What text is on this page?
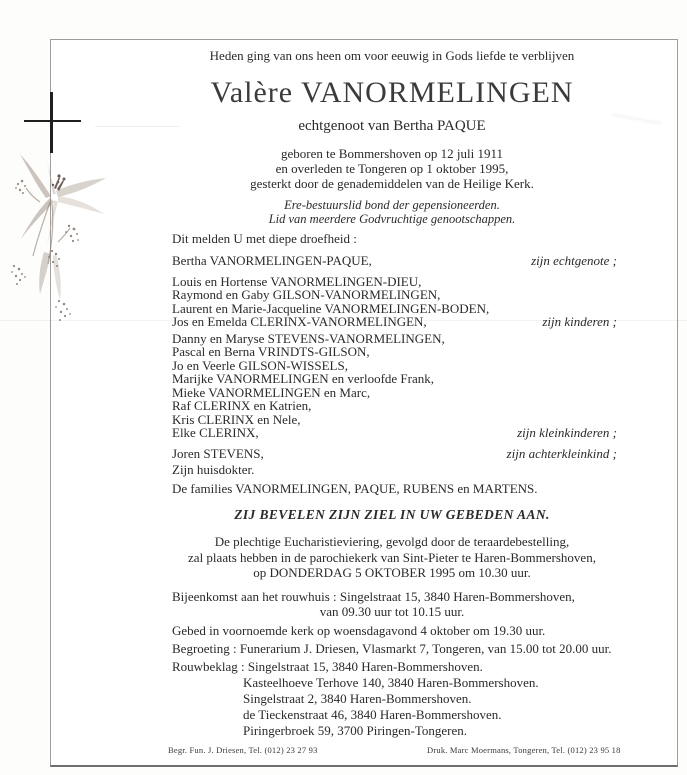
Heden ging van ons heen om voor eeuwig in Gods liefde te verblijven
Valère VANORMELINGEN
echtgenoot van Bertha PAQUE
geboren te Bommershoven op 12 juli 1911
en overleden te Tongeren op 1 oktober 1995,
gesterkt door de genademiddelen van de Heilige Kerk.
Ere-bestuurslid bond der gepensioneerden.
Lid van meerdere Godvruchtige genootschappen.
Dit melden U met diepe droefheid :
Bertha VANORMELINGEN-PAQUE,	zijn echtgenote ;
Louis en Hortense VANORMELINGEN-DIEU,
Raymond en Gaby GILSON-VANORMELINGEN,
Laurent en Marie-Jacqueline VANORMELINGEN-BODEN,
Jos en Emelda CLERINX-VANORMELINGEN,	zijn kinderen ;
Danny en Maryse STEVENS-VANORMELINGEN,
Pascal en Berna VRINDTS-GILSON,
Jo en Veerle GILSON-WISSELS,
Marijke VANORMELINGEN en verloofde Frank,
Mieke VANORMELINGEN en Marc,
Raf CLERINX en Katrien,
Kris CLERINX en Nele,
Elke CLERINX,	zijn kleinkinderen ;
Joren STEVENS,	zijn achterkleinkind ;
Zijn huisdokter.
De families VANORMELINGEN, PAQUE, RUBENS en MARTENS.
ZIJ BEVELEN ZIJN ZIEL IN UW GEBEDEN AAN.
De plechtige Eucharistieviering, gevolgd door de teraardebestelling,
zal plaats hebben in de parochiekerk van Sint-Pieter te Haren-Bommershoven,
op DONDERDAG 5 OKTOBER 1995 om 10.30 uur.
Bijeenkomst aan het rouwhuis : Singelstraat 15, 3840 Haren-Bommershoven,
van 09.30 uur tot 10.15 uur.
Gebed in voornoemde kerk op woensdagavond 4 oktober om 19.30 uur.
Begroeting : Funerarium J. Driesen, Vlasmarkt 7, Tongeren, van 15.00 tot 20.00 uur.
Rouwbeklag : Singelstraat 15, 3840 Haren-Bommershoven.
Kasteelhoeve Terhove 140, 3840 Haren-Bommershoven.
Singelstraat 2, 3840 Haren-Bommershoven.
de Tieckenstraat 46, 3840 Haren-Bommershoven.
Piringerbroek 59, 3700 Piringen-Tongeren.
Begr. Fun. J. Driesen, Tel. (012) 23 27 93	Druk. Marc Moermans, Tongeren, Tel. (012) 23 95 18
